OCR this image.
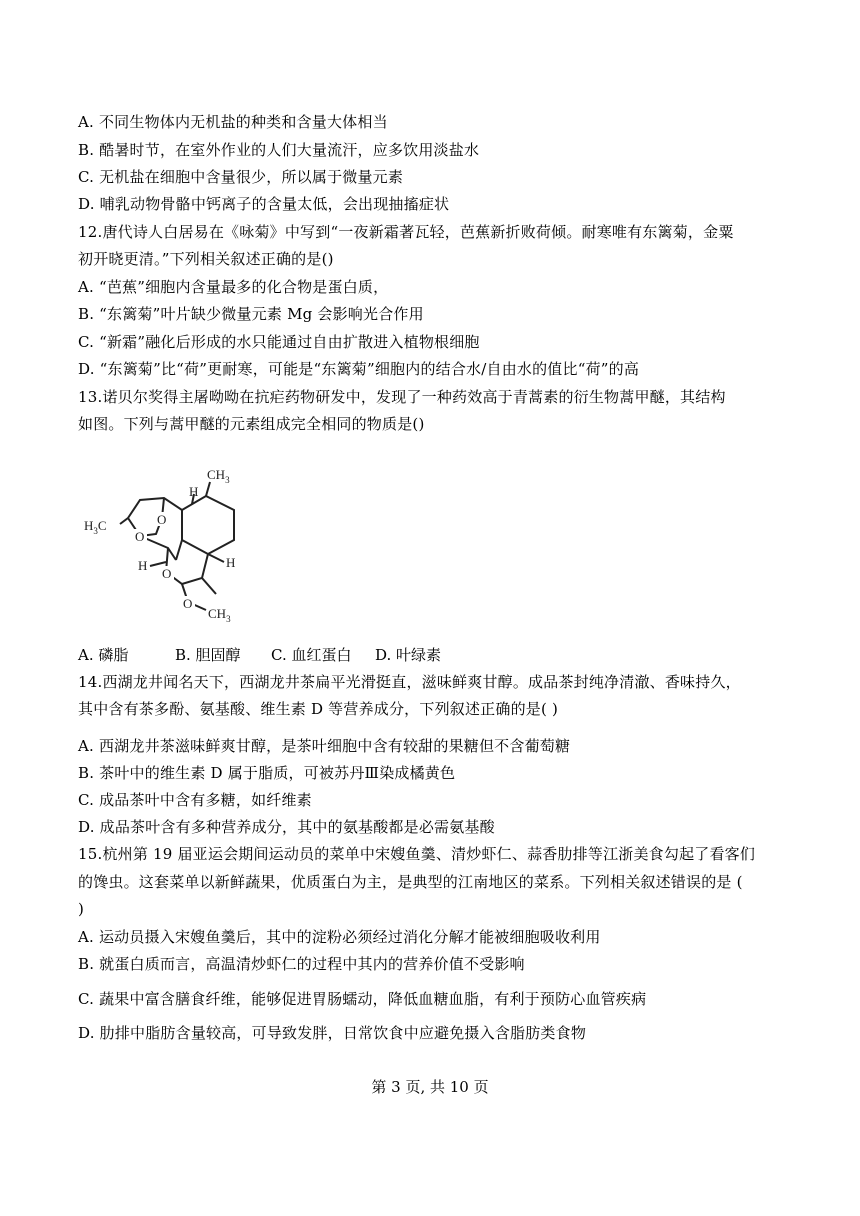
A. 不同生物体内无机盐的种类和含量大体相当
B. 酷暑时节，在室外作业的人们大量流汗，应多饮用淡盐水
C. 无机盐在细胞中含量很少，所以属于微量元素
D. 哺乳动物骨骼中钙离子的含量太低，会出现抽搐症状
12.唐代诗人白居易在《咏菊》中写到“一夜新霜著瓦轻，芭蕉新折败荷倾。耐寒唯有东篱菊，金粟
初开晓更清。”下列相关叙述正确的是()
A. “芭蕉”细胞内含量最多的化合物是蛋白质，
B. “东篱菊”叶片缺少微量元素 Mg 会影响光合作用
C. “新霜”融化后形成的水只能通过自由扩散进入植物根细胞
D. “东篱菊”比“荷”更耐寒，可能是“东篱菊”细胞内的结合水/自由水的值比“荷”的高
13.诺贝尔奖得主屠呦呦在抗疟药物研发中，发现了一种药效高于青蒿素的衍生物蒿甲醚，其结构
如图。下列与蒿甲醚的元素组成完全相同的物质是()
$CH_3$
H
$H_3C$
O
O
H
H
O
O
$CH_3$
A. 磷脂	B. 胆固醇 C. 血红蛋白 D. 叶绿素
14.西湖龙井闻名天下，西湖龙井茶扁平光滑挺直，滋味鲜爽甘醇。成品茶封纯净清澈、香味持久，
其中含有茶多酚、氨基酸、维生素 D 等营养成分，下列叙述正确的是( )
A. 西湖龙井茶滋味鲜爽甘醇，是茶叶细胞中含有较甜的果糖但不含葡萄糖
B. 茶叶中的维生素 D 属于脂质，可被苏丹Ⅲ染成橘黄色
C. 成品茶叶中含有多糖，如纤维素
D. 成品茶叶含有多种营养成分，其中的氨基酸都是必需氨基酸
15.杭州第 19 届亚运会期间运动员的菜单中宋嫂鱼羹、清炒虾仁、蒜香肋排等江浙美食勾起了看客们
的馋虫。这套菜单以新鲜蔬果，优质蛋白为主，是典型的江南地区的菜系。下列相关叙述错误的是 (
)
A. 运动员摄入宋嫂鱼羹后，其中的淀粉必须经过消化分解才能被细胞吸收利用
B. 就蛋白质而言，高温清炒虾仁的过程中其内的营养价值不受影响
C. 蔬果中富含膳食纤维，能够促进胃肠蠕动，降低血糖血脂，有利于预防心血管疾病
D. 肋排中脂肪含量较高，可导致发胖，日常饮食中应避免摄入含脂肪类食物
第 3 页, 共 10 页
